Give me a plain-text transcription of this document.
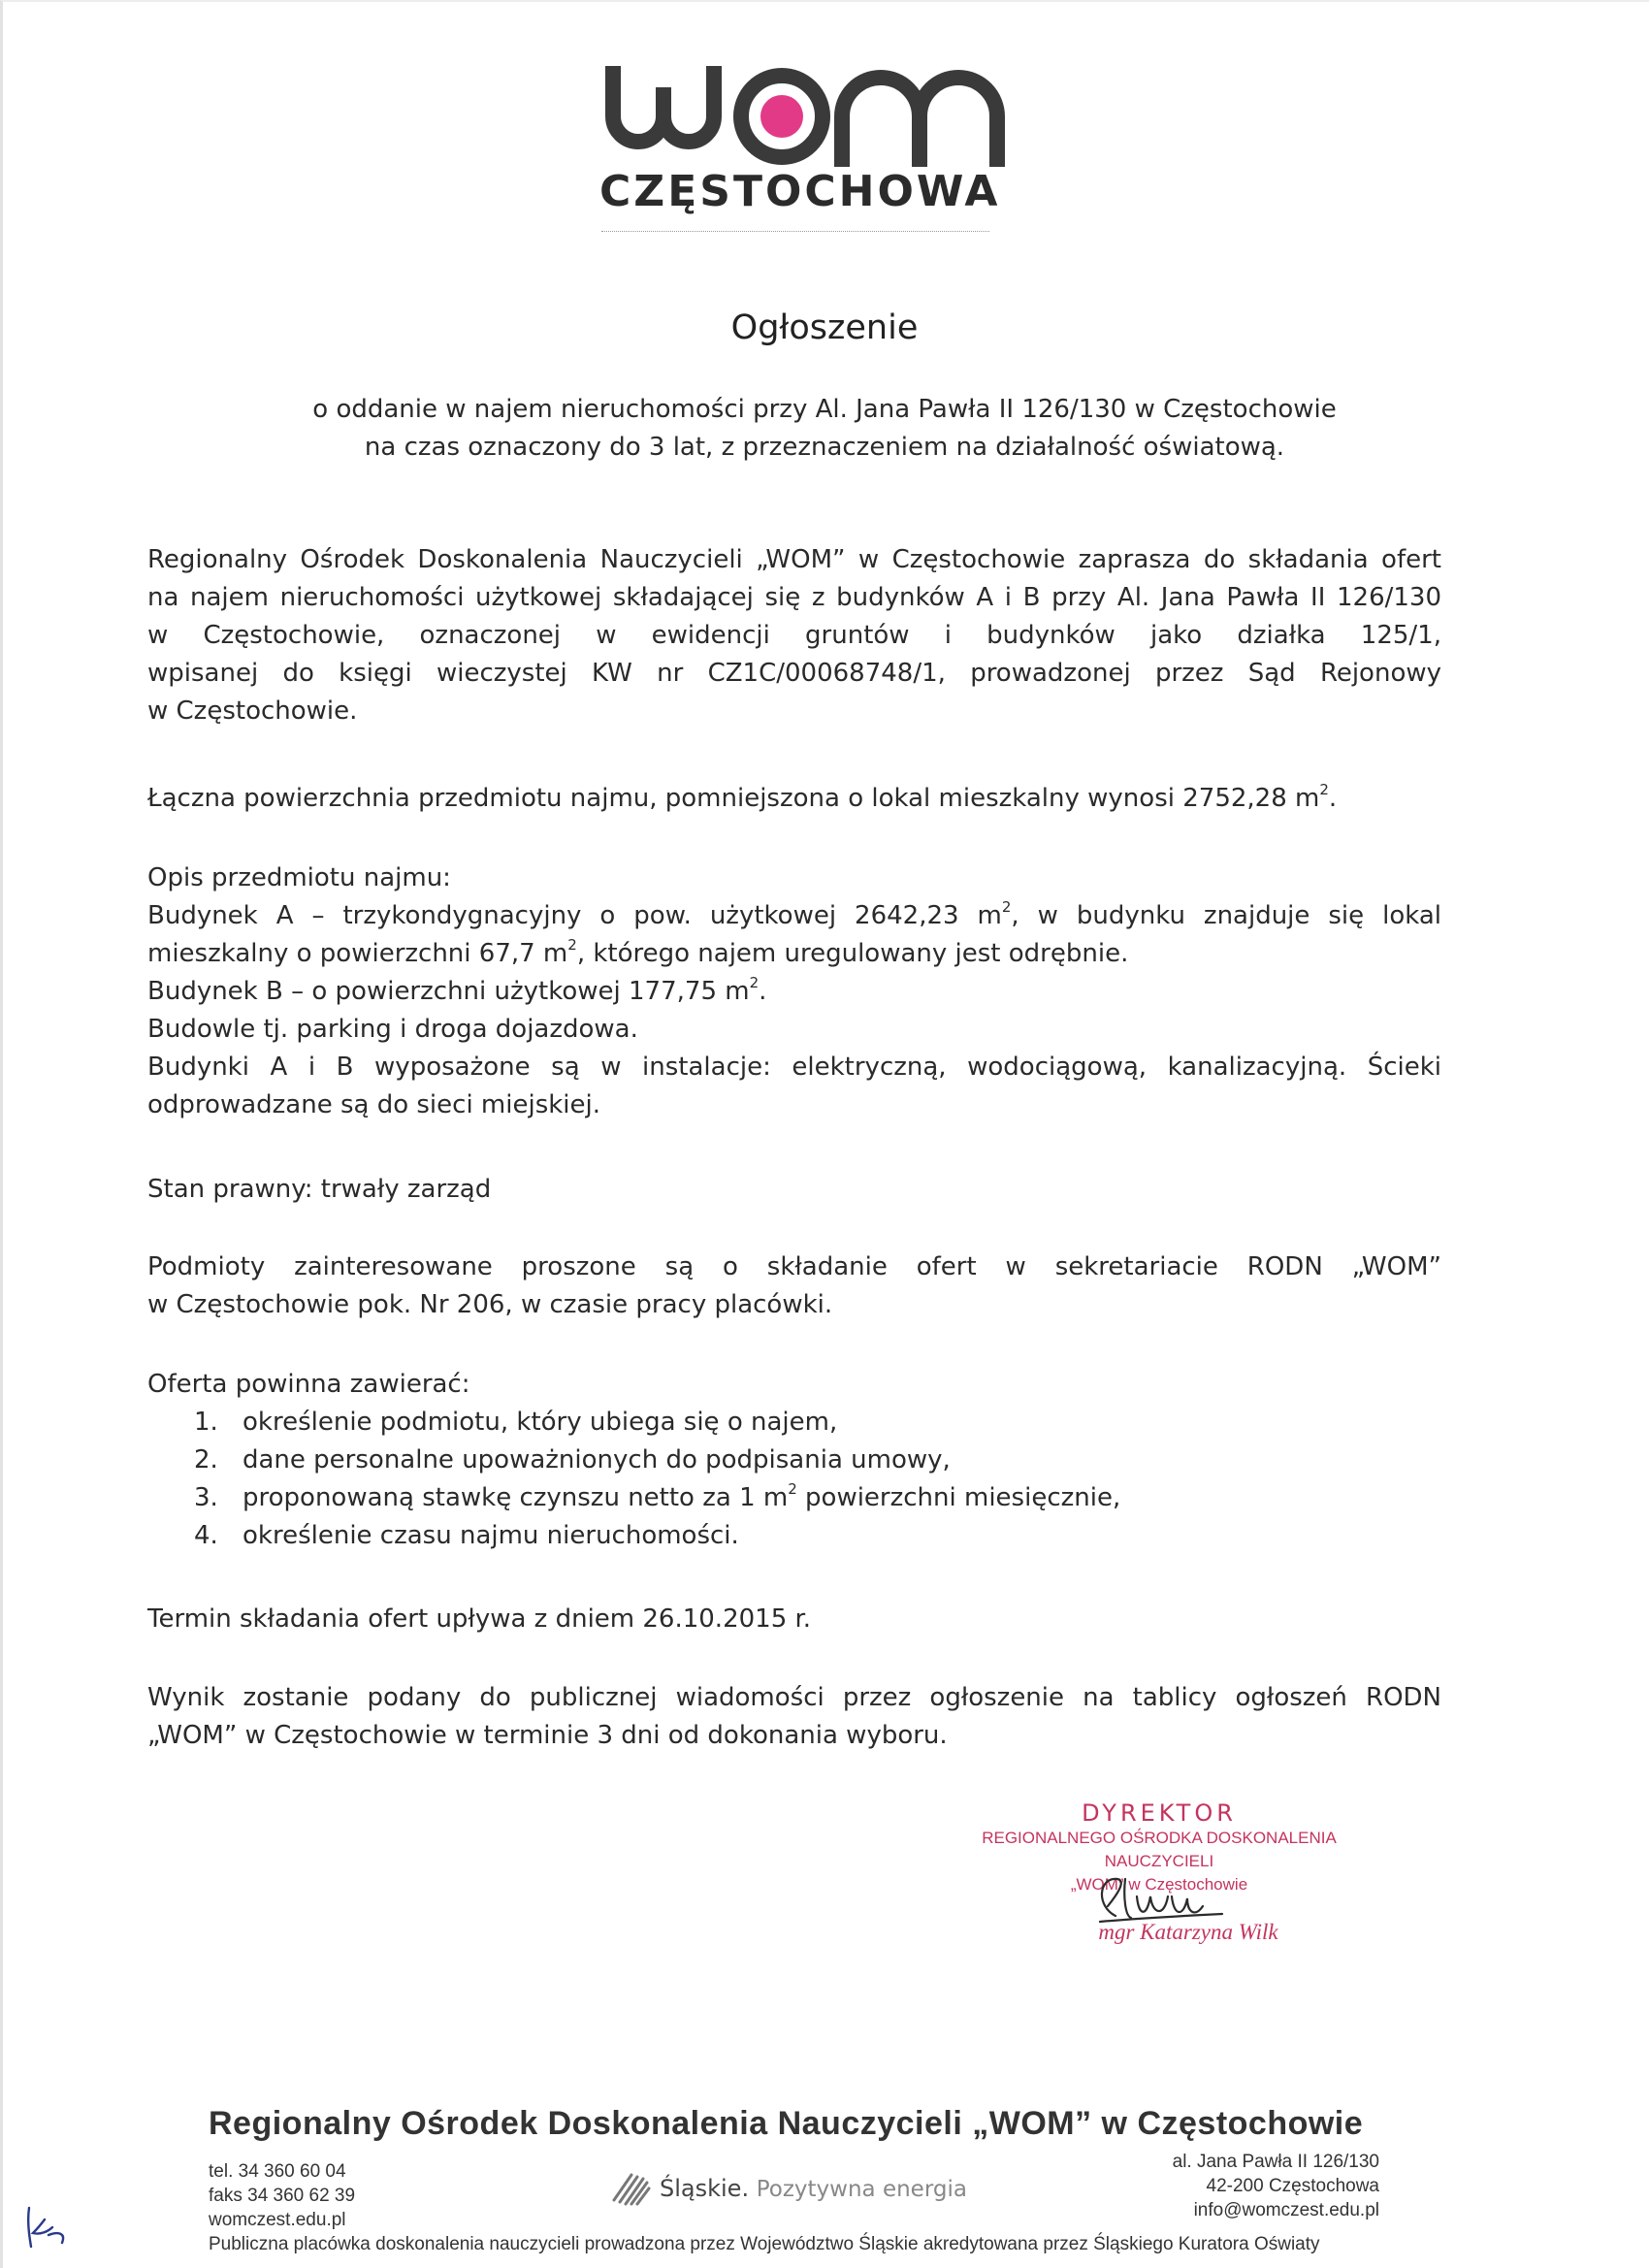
CZĘSTOCHOWA
Ogłoszenie
o oddanie w najem nieruchomości przy Al. Jana Pawła II 126/130 w Częstochowie
na czas oznaczony do 3 lat, z przeznaczeniem na działalność oświatową.
Regionalny Ośrodek Doskonalenia Nauczycieli „WOM” w Częstochowie zaprasza do składania ofert
na najem nieruchomości użytkowej składającej się z budynków A i B przy Al. Jana Pawła II 126/130
w Częstochowie, oznaczonej w ewidencji gruntów i budynków jako działka 125/1,
wpisanej do księgi wieczystej KW nr CZ1C/00068748/1, prowadzonej przez Sąd Rejonowy
w Częstochowie.
Łączna powierzchnia przedmiotu najmu, pomniejszona o lokal mieszkalny wynosi 2752,28 $m^2$.
Opis przedmiotu najmu:
Budynek A – trzykondygnacyjny o pow. użytkowej 2642,23 $m^2$, w budynku znajduje się lokal
mieszkalny o powierzchni 67,7 $m^2$, którego najem uregulowany jest odrębnie.
Budynek B – o powierzchni użytkowej 177,75 $m^2$.
Budowle tj. parking i droga dojazdowa.
Budynki A i B wyposażone są w instalacje: elektryczną, wodociągową, kanalizacyjną. Ścieki
odprowadzane są do sieci miejskiej.
Stan prawny: trwały zarząd
Podmioty zainteresowane proszone są o składanie ofert w sekretariacie RODN „WOM”
w Częstochowie pok. Nr 206, w czasie pracy placówki.
Oferta powinna zawierać:
1. określenie podmiotu, który ubiega się o najem,
2. dane personalne upoważnionych do podpisania umowy,
3. proponowaną stawkę czynszu netto za 1 $m^2$ powierzchni miesięcznie,
4. określenie czasu najmu nieruchomości.
Termin składania ofert upływa z dniem 26.10.2015 r.
Wynik zostanie podany do publicznej wiadomości przez ogłoszenie na tablicy ogłoszeń RODN
„WOM” w Częstochowie w terminie 3 dni od dokonania wyboru.
DYREKTOR
REGIONALNEGO OŚRODKA DOSKONALENIA NAUCZYCIELI
„WOM” w Częstochowie
mgr Katarzyna Wilk
Regionalny Ośrodek Doskonalenia Nauczycieli „WOM” w Częstochowie
tel. 34 360 60 04
faks 34 360 62 39
womczest.edu.pl
Śląskie. Pozytywna energia
al. Jana Pawła II 126/130
42-200 Częstochowa
info@womczest.edu.pl
Publiczna placówka doskonalenia nauczycieli prowadzona przez Województwo Śląskie akredytowana przez Śląskiego Kuratora Oświaty
